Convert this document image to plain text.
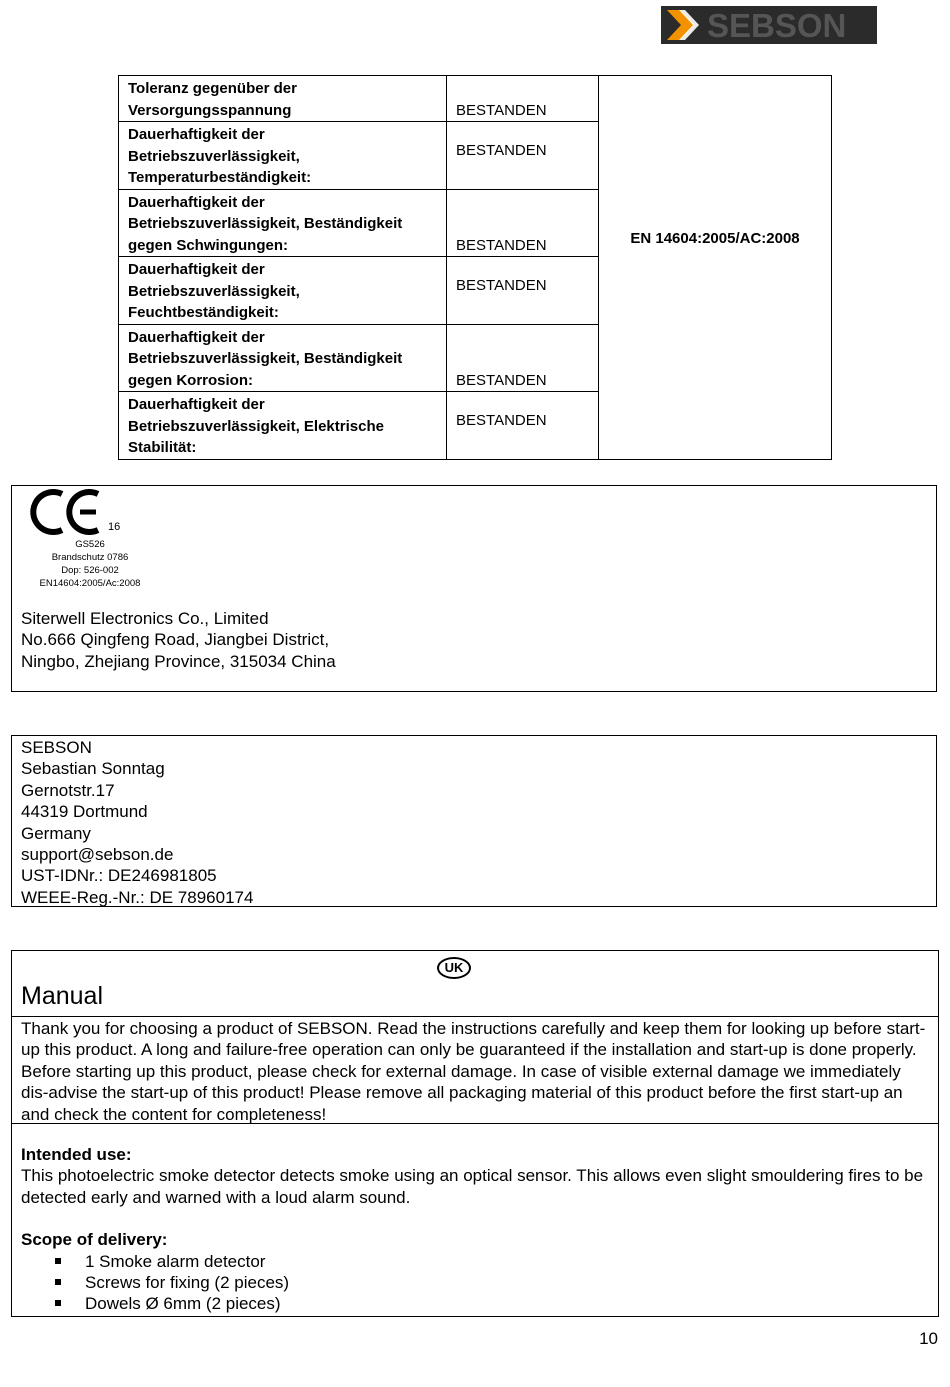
SEBSON
Toleranz gegenüber der Versorgungsspannung	BESTANDEN	EN 14604:2005/AC:2008
Dauerhaftigkeit der Betriebszuverlässigkeit, Temperaturbeständigkeit:	BESTANDEN	
Dauerhaftigkeit der Betriebszuverlässigkeit, Beständigkeit gegen Schwingungen:	BESTANDEN	
Dauerhaftigkeit der Betriebszuverlässigkeit, Feuchtbeständigkeit:	BESTANDEN	
Dauerhaftigkeit der Betriebszuverlässigkeit, Beständigkeit gegen Korrosion:	BESTANDEN	
Dauerhaftigkeit der Betriebszuverlässigkeit, Elektrische Stabilität:	BESTANDEN	
16
GS526
Brandschutz 0786
Dop: 526-002
EN14604:2005/Ac:2008
Siterwell Electronics Co., Limited
No.666 Qingfeng Road, Jiangbei District,
Ningbo, Zhejiang Province, 315034 China
SEBSON
Sebastian Sonntag
Gernotstr.17
44319 Dortmund
Germany
support@sebson.de
UST-IDNr.: DE246981805
WEEE-Reg.-Nr.: DE 78960174
UK
Manual
Thank you for choosing a product of SEBSON. Read the instructions carefully and keep them for looking up before start-up this product. A long and failure-free operation can only be guaranteed if the installation and start-up is done properly. Before starting up this product, please check for external damage. In case of visible external damage we immediately dis-advise the start-up of this product! Please remove all packaging material of this product before the first start-up an and check the content for completeness!
Intended use:
This photoelectric smoke detector detects smoke using an optical sensor. This allows even slight smouldering fires to be detected early and warned with a loud alarm sound.
Scope of delivery:
1 Smoke alarm detector
Screws for fixing (2 pieces)
Dowels Ø 6mm (2 pieces)
10
